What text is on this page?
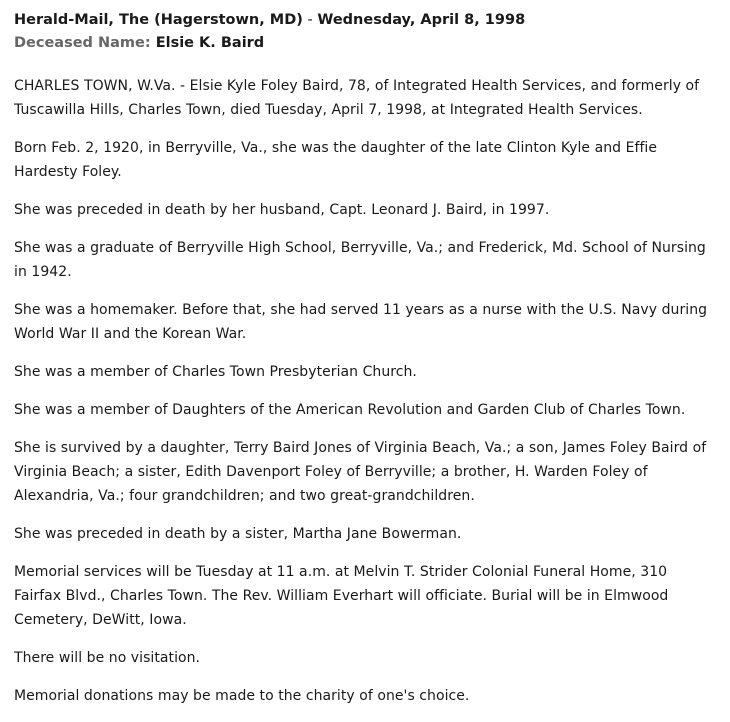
Herald-Mail, The (Hagerstown, MD) - Wednesday, April 8, 1998
Deceased Name: Elsie K. Baird

CHARLES TOWN, W.Va. - Elsie Kyle Foley Baird, 78, of Integrated Health Services, and formerly of Tuscawilla Hills, Charles Town, died Tuesday, April 7, 1998, at Integrated Health Services.

Born Feb. 2, 1920, in Berryville, Va., she was the daughter of the late Clinton Kyle and Effie Hardesty Foley.

She was preceded in death by her husband, Capt. Leonard J. Baird, in 1997.

She was a graduate of Berryville High School, Berryville, Va.; and Frederick, Md. School of Nursing in 1942.

She was a homemaker. Before that, she had served 11 years as a nurse with the U.S. Navy during World War II and the Korean War.

She was a member of Charles Town Presbyterian Church.

She was a member of Daughters of the American Revolution and Garden Club of Charles Town.

She is survived by a daughter, Terry Baird Jones of Virginia Beach, Va.; a son, James Foley Baird of Virginia Beach; a sister, Edith Davenport Foley of Berryville; a brother, H. Warden Foley of Alexandria, Va.; four grandchildren; and two great-grandchildren.

She was preceded in death by a sister, Martha Jane Bowerman.

Memorial services will be Tuesday at 11 a.m. at Melvin T. Strider Colonial Funeral Home, 310 Fairfax Blvd., Charles Town. The Rev. William Everhart will officiate. Burial will be in Elmwood Cemetery, DeWitt, Iowa.

There will be no visitation.

Memorial donations may be made to the charity of one's choice.
